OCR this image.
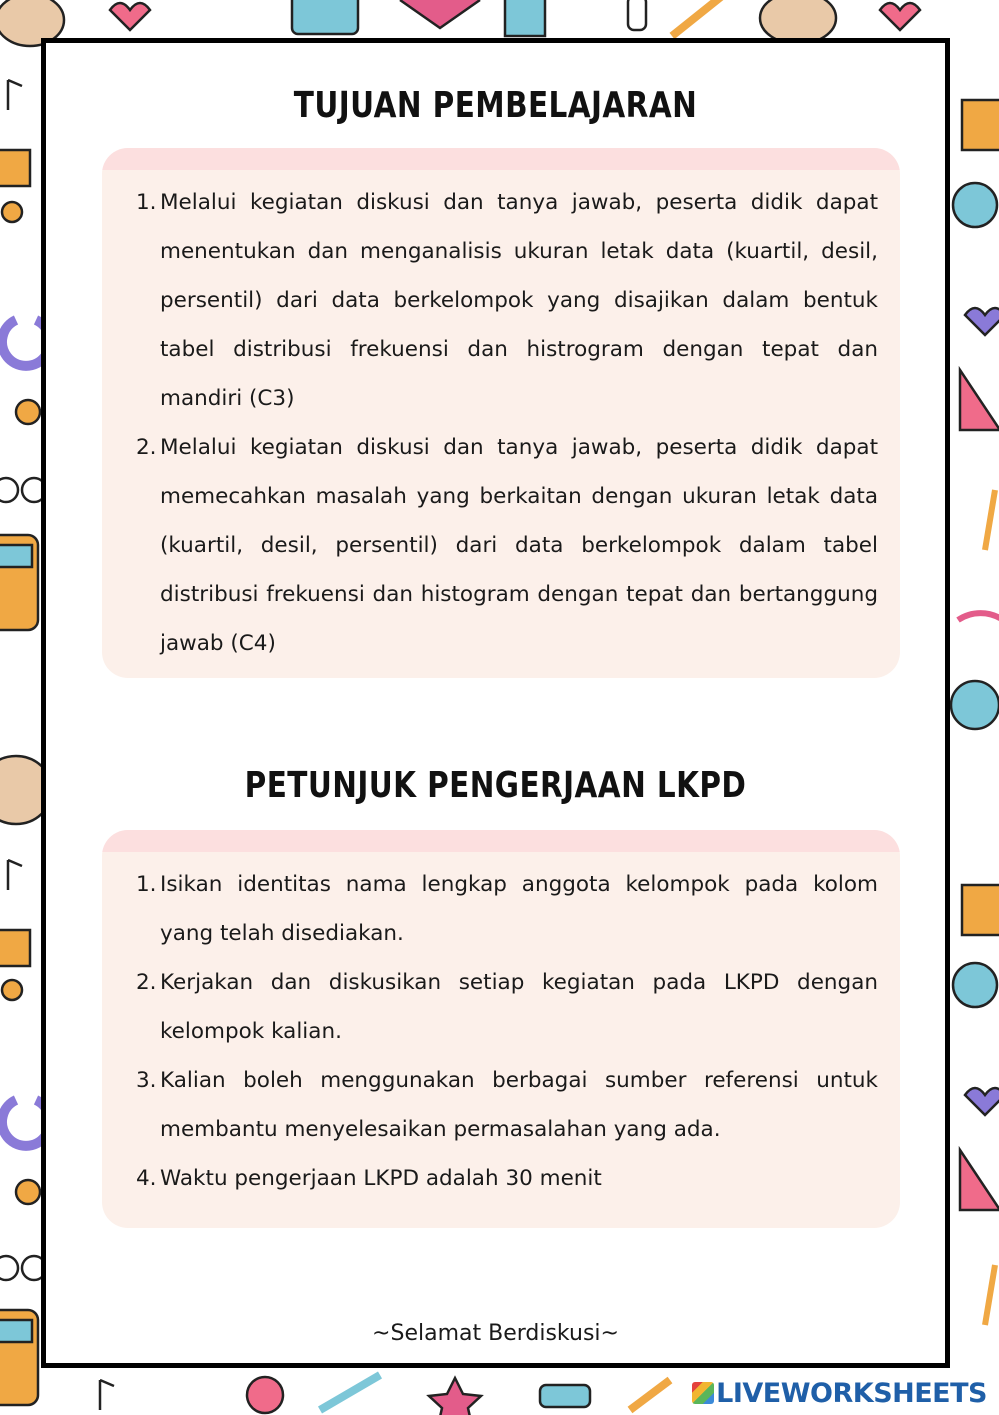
TUJUAN PEMBELAJARAN
1. Melalui kegiatan diskusi dan tanya jawab, peserta didik dapat menentukan dan menganalisis ukuran letak data (kuartil, desil, persentil) dari data berkelompok yang disajikan dalam bentuk tabel distribusi frekuensi dan histrogram dengan tepat dan mandiri (C3)
2. Melalui kegiatan diskusi dan tanya jawab, peserta didik dapat memecahkan masalah yang berkaitan dengan ukuran letak data (kuartil, desil, persentil) dari data berkelompok dalam tabel distribusi frekuensi dan histogram dengan tepat dan bertanggung jawab (C4)
PETUNJUK PENGERJAAN LKPD
1. Isikan identitas nama lengkap anggota kelompok pada kolom yang telah disediakan.
2. Kerjakan dan diskusikan setiap kegiatan pada LKPD dengan kelompok kalian.
3. Kalian boleh menggunakan berbagai sumber referensi untuk membantu menyelesaikan permasalahan yang ada.
4. Waktu pengerjaan LKPD adalah 30 menit
~Selamat Berdiskusi~
LIVEWORKSHEETS
